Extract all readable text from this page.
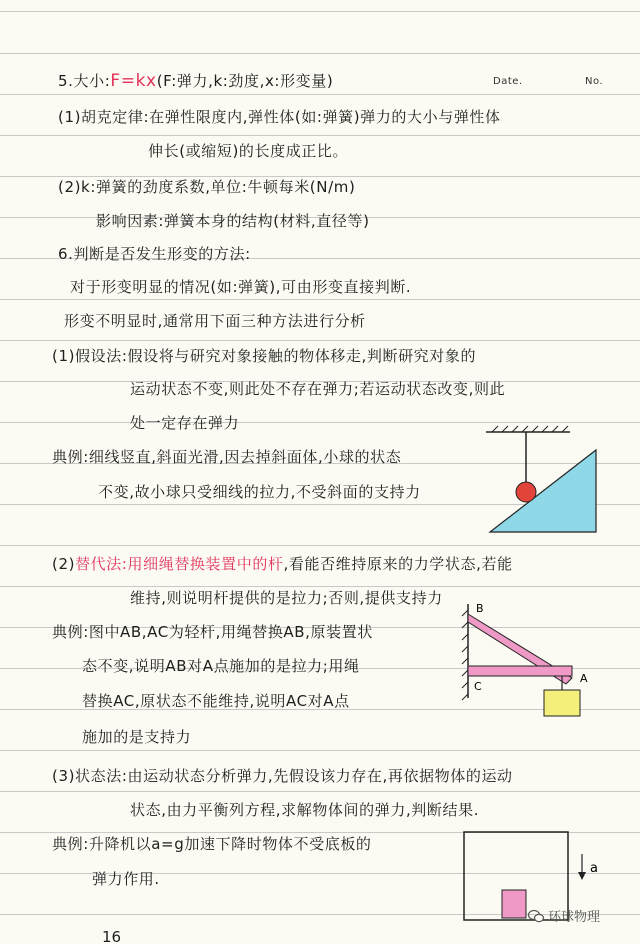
Date.	No.
5.大小:F=kx(F:弹力,k:劲度,x:形变量)
(1)胡克定律:在弹性限度内,弹性体(如:弹簧)弹力的大小与弹性体
伸长(或缩短)的长度成正比。
(2)k:弹簧的劲度系数,单位:牛顿每米(N/m)
影响因素:弹簧本身的结构(材料,直径等)
6.判断是否发生形变的方法:
对于形变明显的情况(如:弹簧),可由形变直接判断.
形变不明显时,通常用下面三种方法进行分析
(1)假设法:假设将与研究对象接触的物体移走,判断研究对象的
运动状态不变,则此处不存在弹力;若运动状态改变,则此
处一定存在弹力
典例:细线竖直,斜面光滑,因去掉斜面体,小球的状态
不变,故小球只受细线的拉力,不受斜面的支持力
(2)替代法:用细绳替换装置中的杆,看能否维持原来的力学状态,若能
维持,则说明杆提供的是拉力;否则,提供支持力
典例:图中AB,AC为轻杆,用绳替换AB,原装置状
态不变,说明AB对A点施加的是拉力;用绳
替换AC,原状态不能维持,说明AC对A点
施加的是支持力
(3)状态法:由运动状态分析弹力,先假设该力存在,再依据物体的运动
状态,由力平衡列方程,求解物体间的弹力,判断结果.
典例:升降机以a=g加速下降时物体不受底板的
弹力作用.
B
A
C
a
16
环球物理
